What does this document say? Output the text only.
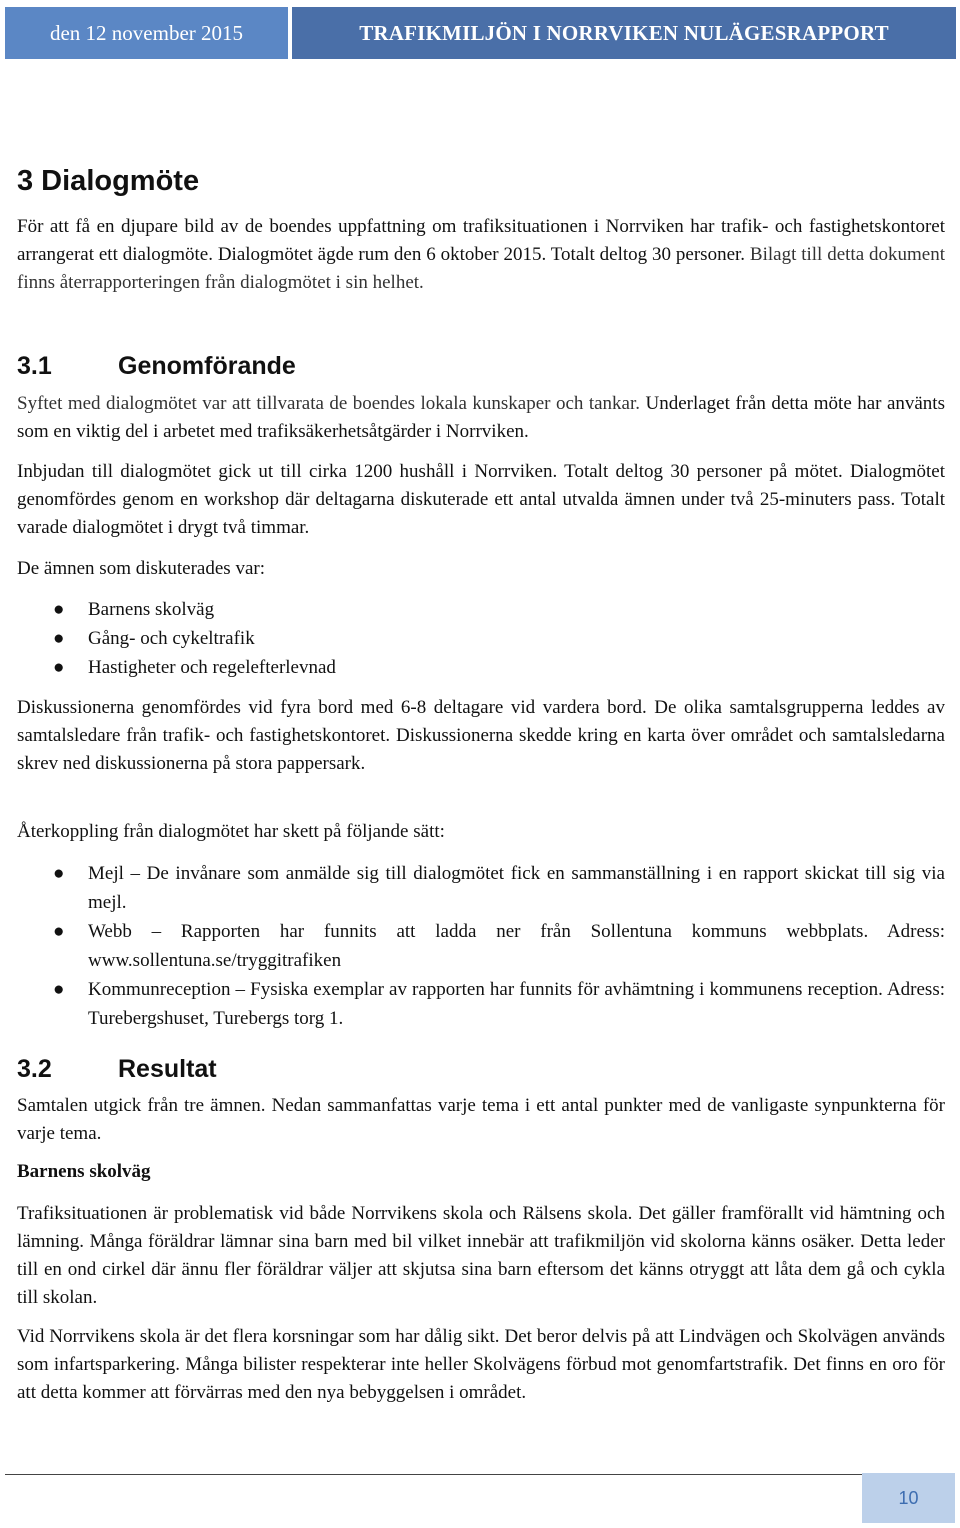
den 12 november 2015	TRAFIKMILJÖN I NORRVIKEN NULÄGESRAPPORT
3 Dialogmöte

För att få en djupare bild av de boendes uppfattning om trafiksituationen i Norrviken har trafik- och fastighetskontoret arrangerat ett dialogmöte. Dialogmötet ägde rum den 6 oktober 2015. Totalt deltog 30 personer. Bilagt till detta dokument finns återrapporteringen från dialogmötet i sin helhet.

3.1	Genomförande

Syftet med dialogmötet var att tillvarata de boendes lokala kunskaper och tankar. Underlaget från detta möte har använts som en viktig del i arbetet med trafiksäkerhetsåtgärder i Norrviken.

Inbjudan till dialogmötet gick ut till cirka 1200 hushåll i Norrviken. Totalt deltog 30 personer på mötet. Dialogmötet genomfördes genom en workshop där deltagarna diskuterade ett antal utvalda ämnen under två 25-minuters pass. Totalt varade dialogmötet i drygt två timmar.

De ämnen som diskuterades var:

● Barnens skolväg
● Gång- och cykeltrafik
● Hastigheter och regelefterlevnad

Diskussionerna genomfördes vid fyra bord med 6-8 deltagare vid vardera bord. De olika samtalsgrupperna leddes av samtalsledare från trafik- och fastighetskontoret. Diskussionerna skedde kring en karta över området och samtalsledarna skrev ned diskussionerna på stora pappersark.

Återkoppling från dialogmötet har skett på följande sätt:

● Mejl – De invånare som anmälde sig till dialogmötet fick en sammanställning i en rapport skickat till sig via mejl.
● Webb – Rapporten har funnits att ladda ner från Sollentuna kommuns webbplats. Adress: www.sollentuna.se/tryggitrafiken
● Kommunreception – Fysiska exemplar av rapporten har funnits för avhämtning i kommunens reception. Adress: Turebergshuset, Turebergs torg 1.
3.2	Resultat

Samtalen utgick från tre ämnen. Nedan sammanfattas varje tema i ett antal punkter med de vanligaste synpunkterna för varje tema.

Barnens skolväg

Trafiksituationen är problematisk vid både Norrvikens skola och Rälsens skola. Det gäller framförallt vid hämtning och lämning. Många föräldrar lämnar sina barn med bil vilket innebär att trafikmiljön vid skolorna känns osäker. Detta leder till en ond cirkel där ännu fler föräldrar väljer att skjutsa sina barn eftersom det känns otryggt att låta dem gå och cykla till skolan.

Vid Norrvikens skola är det flera korsningar som har dålig sikt. Det beror delvis på att Lindvägen och Skolvägen används som infartsparkering. Många bilister respekterar inte heller Skolvägens förbud mot genomfartstrafik. Det finns en oro för att detta kommer att förvärras med den nya bebyggelsen i området.

10
